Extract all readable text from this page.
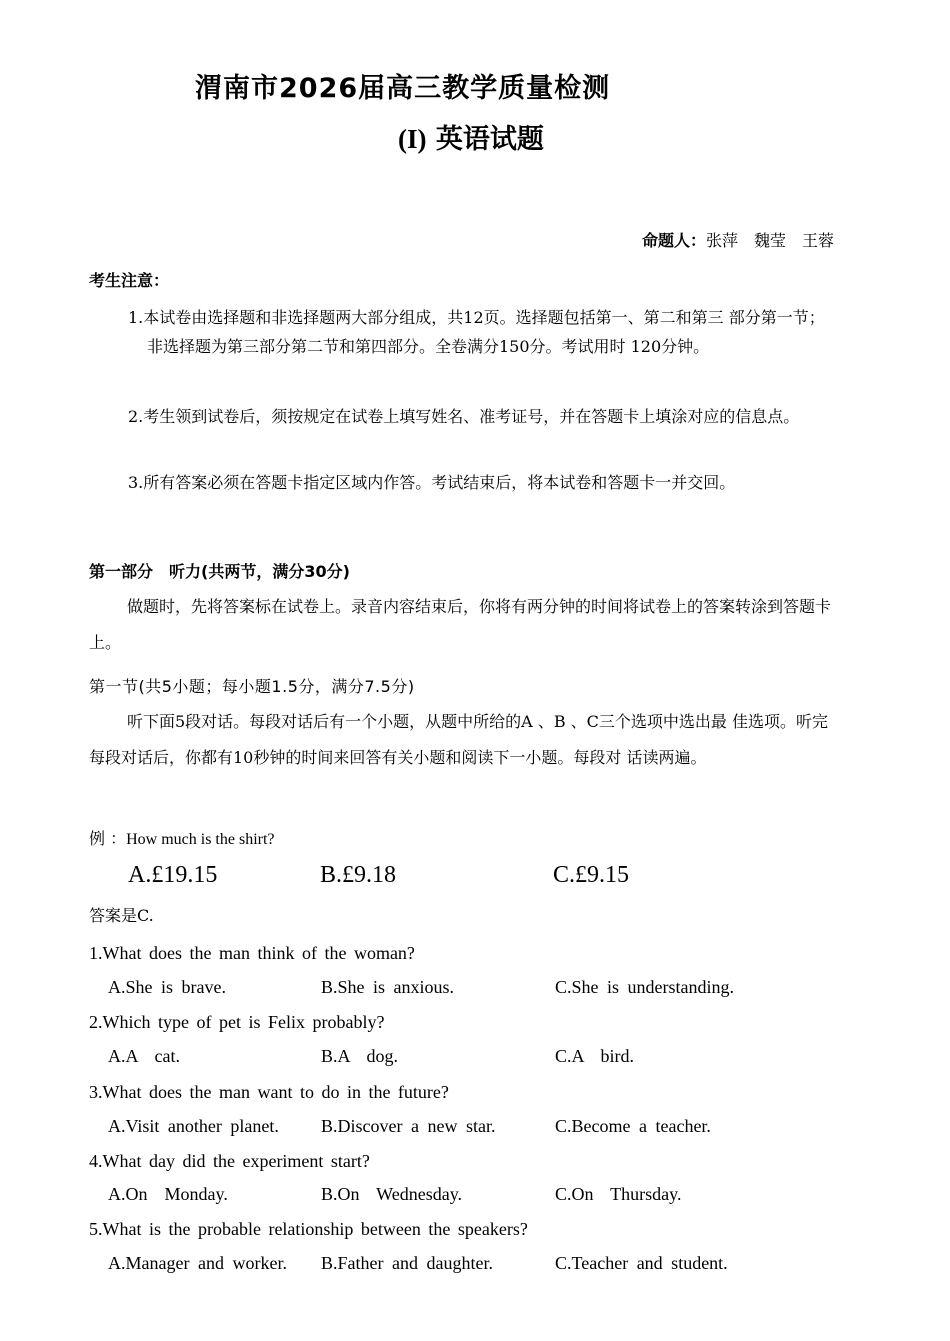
渭南市2026届高三教学质量检测
(I) 英语试题
命题人：张萍　魏莹　王蓉
考生注意：
1.本试卷由选择题和非选择题两大部分组成，共12页。选择题包括第一、第二和第三 部分第一节；非选择题为第三部分第二节和第四部分。全卷满分150分。考试用时 120分钟。
2.考生领到试卷后，须按规定在试卷上填写姓名、准考证号，并在答题卡上填涂对应的信息点。
3.所有答案必须在答题卡指定区域内作答。考试结束后，将本试卷和答题卡一并交回。
第一部分　听力(共两节，满分30分)
做题时，先将答案标在试卷上。录音内容结束后，你将有两分钟的时间将试卷上的答案转涂到答题卡上。
第一节(共5小题；每小题1.5分，满分7.5分)
听下面5段对话。每段对话后有一个小题，从题中所给的A 、B 、C三个选项中选出最 佳选项。听完每段对话后，你都有10秒钟的时间来回答有关小题和阅读下一小题。每段对 话读两遍。
例 ：How much is the shirt?
A.£19.15	B.£9.18	C.£9.15
答案是C.
1.What does the man think of the woman?
A.She is brave.	B.She is anxious.	C.She is understanding.
2.Which type of pet is Felix probably?
A.A  cat.	B.A  dog.	C.A  bird.
3.What does the man want to do in the future?
A.Visit another planet. B.Discover a new star.	C.Become a teacher.
4.What day did the experiment start?
A.On  Monday.	B.On  Wednesday.	C.On  Thursday.
5.What is the probable relationship between the speakers?
A.Manager and worker. B.Father and daughter.	C.Teacher and student.
